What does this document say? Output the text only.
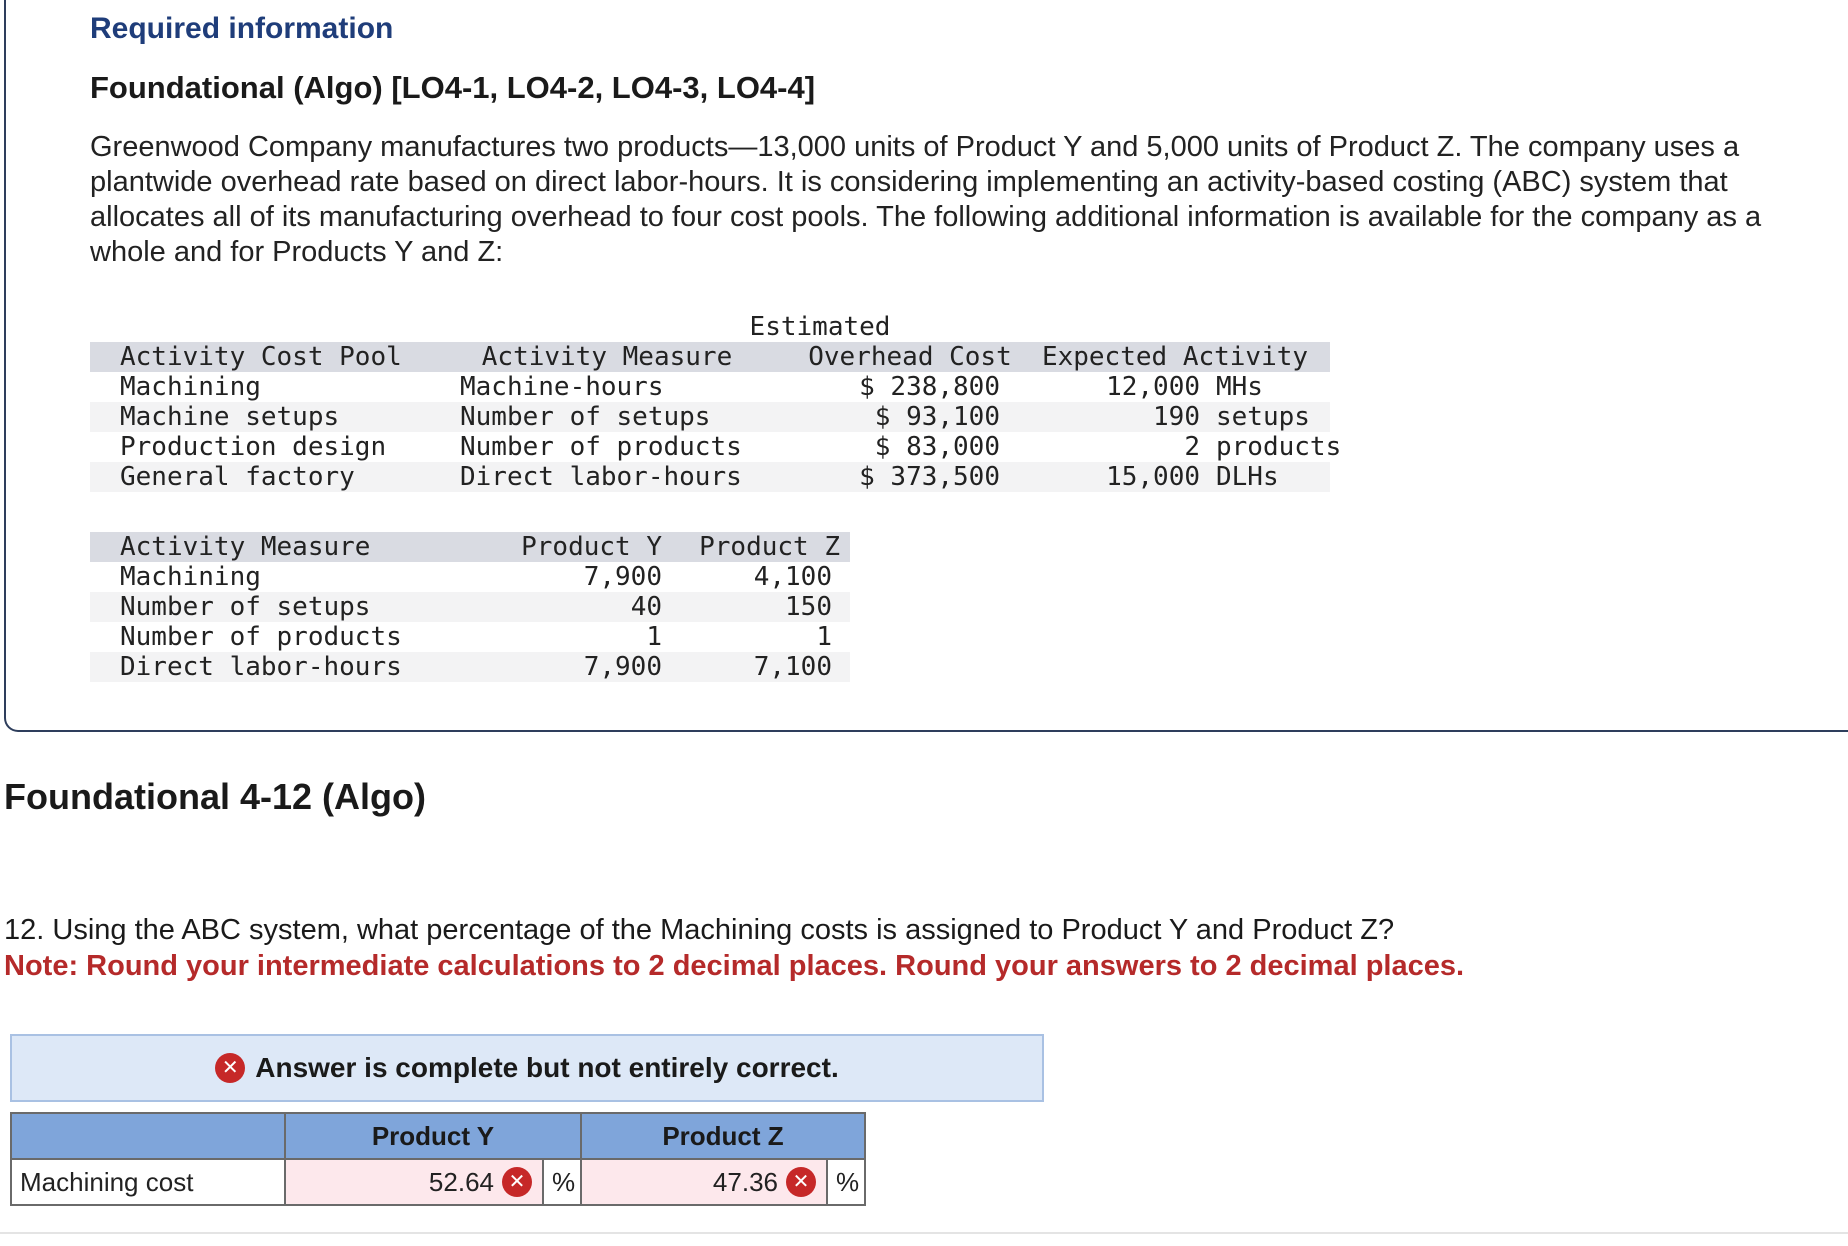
Required information
Foundational (Algo) [LO4-1, LO4-2, LO4-3, LO4-4]
Greenwood Company manufactures two products—13,000 units of Product Y and 5,000 units of Product Z. The company uses a plantwide overhead rate based on direct labor-hours. It is considering implementing an activity-based costing (ABC) system that allocates all of its manufacturing overhead to four cost pools. The following additional information is available for the company as a whole and for Products Y and Z:
Estimated
Activity Cost Pool	Activity Measure	Overhead Cost	Expected Activity
Machining	Machine-hours	$ 238,800	12,000 MHs
Machine setups	Number of setups	$ 93,100	190 setups
Production design	Number of products	$ 83,000	2 products
General factory	Direct labor-hours	$ 373,500	15,000 DLHs
Activity Measure	Product Y	Product Z
Machining	7,900	4,100
Number of setups	40	150
Number of products	1	1
Direct labor-hours	7,900	7,100
Foundational 4-12 (Algo)
12. Using the ABC system, what percentage of the Machining costs is assigned to Product Y and Product Z?
Note: Round your intermediate calculations to 2 decimal places. Round your answers to 2 decimal places.
✕ Answer is complete but not entirely correct.
	Product Y	Product Z
Machining cost	52.64 ✕ %	47.36 ✕ %
